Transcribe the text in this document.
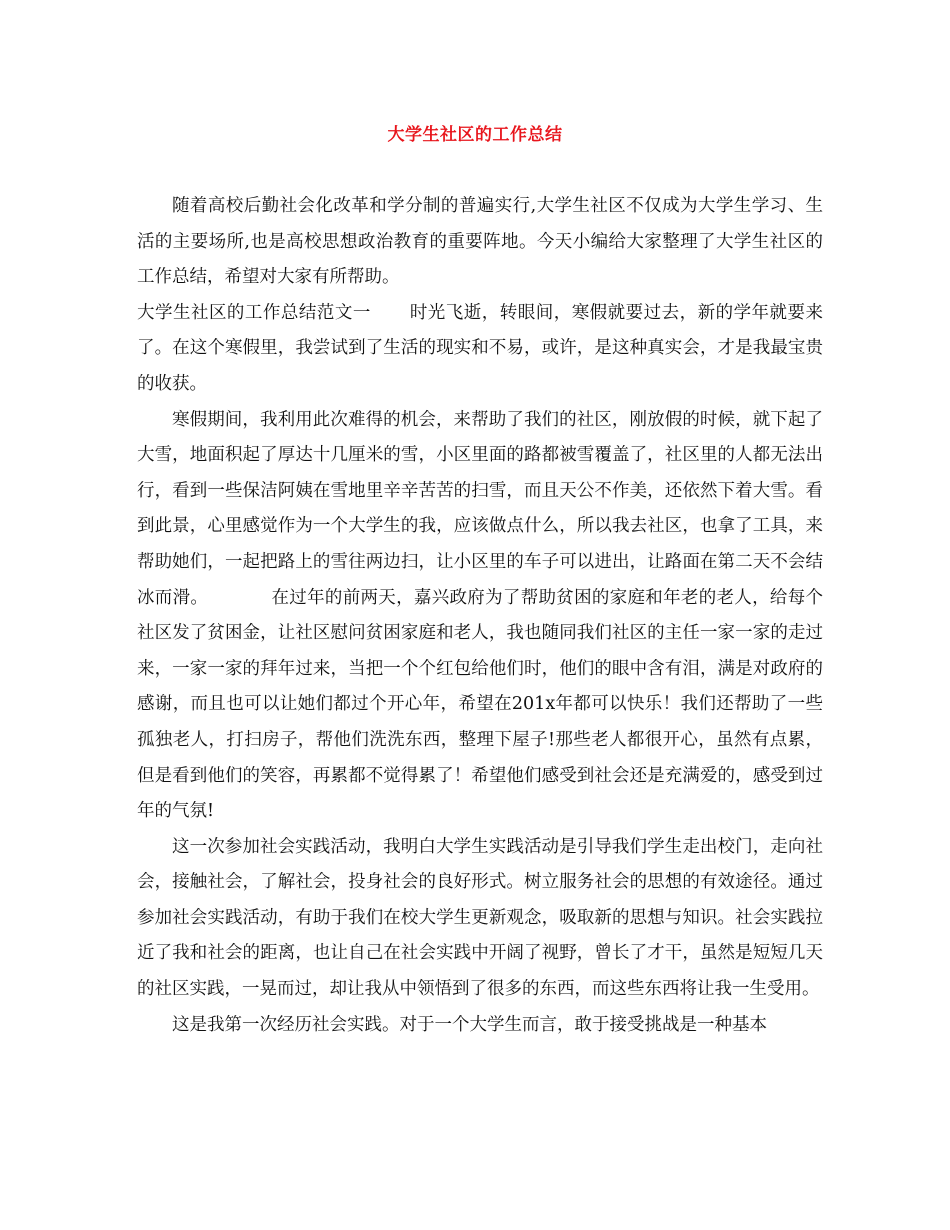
大学生社区的工作总结

随着高校后勤社会化改革和学分制的普遍实行,大学生社区不仅成为大学生学习、生活的主要场所,也是高校思想政治教育的重要阵地。今天小编给大家整理了大学生社区的工作总结，希望对大家有所帮助。

大学生社区的工作总结范文一 时光飞逝，转眼间，寒假就要过去，新的学年就要来了。在这个寒假里，我尝试到了生活的现实和不易，或许，是这种真实会，才是我最宝贵的收获。

寒假期间，我利用此次难得的机会，来帮助了我们的社区，刚放假的时候，就下起了大雪，地面积起了厚达十几厘米的雪，小区里面的路都被雪覆盖了，社区里的人都无法出行，看到一些保洁阿姨在雪地里辛辛苦苦的扫雪，而且天公不作美，还依然下着大雪。看到此景，心里感觉作为一个大学生的我，应该做点什么，所以我去社区，也拿了工具，来帮助她们，一起把路上的雪往两边扫，让小区里的车子可以进出，让路面在第二天不会结冰而滑。	在过年的前两天，嘉兴政府为了帮助贫困的家庭和年老的老人，给每个社区发了贫困金，让社区慰问贫困家庭和老人，我也随同我们社区的主任一家一家的走过来，一家一家的拜年过来，当把一个个红包给他们时，他们的眼中含有泪，满是对政府的感谢，而且也可以让她们都过个开心年，希望在201x年都可以快乐！我们还帮助了一些孤独老人，打扫房子，帮他们洗洗东西，整理下屋子!那些老人都很开心，虽然有点累，但是看到他们的笑容，再累都不觉得累了！希望他们感受到社会还是充满爱的，感受到过年的气氛!

这一次参加社会实践活动，我明白大学生实践活动是引导我们学生走出校门，走向社会，接触社会，了解社会，投身社会的良好形式。树立服务社会的思想的有效途径。通过参加社会实践活动，有助于我们在校大学生更新观念，吸取新的思想与知识。社会实践拉近了我和社会的距离，也让自己在社会实践中开阔了视野，曾长了才干，虽然是短短几天的社区实践，一晃而过，却让我从中领悟到了很多的东西，而这些东西将让我一生受用。

这是我第一次经历社会实践。对于一个大学生而言，敢于接受挑战是一种基本
